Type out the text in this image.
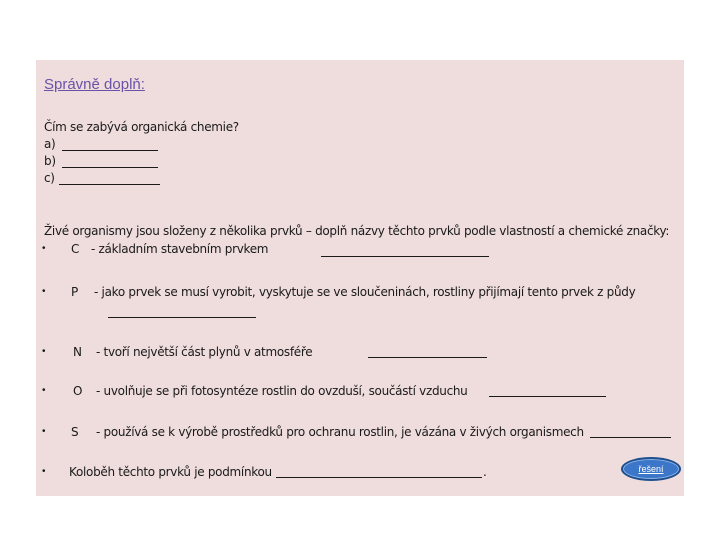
Správně doplň:
Čím se zabývá organická chemie?
a)
b)
c)
Živé organismy jsou složeny z několika prvků – doplň názvy těchto prvků podle vlastností a chemické značky:
• C - základním stavebním prvkem
• P - jako prvek se musí vyrobit, vyskytuje se ve sloučeninách, rostliny přijímají tento prvek z půdy
• N - tvoří největší část plynů v atmosféře
• O - uvolňuje se při fotosyntéze rostlin do ovzduší, součástí vzduchu
• S - používá se k výrobě prostředků pro ochranu rostlin, je vázána v živých organismech
• Koloběh těchto prvků je podmínkou	.	řešení
